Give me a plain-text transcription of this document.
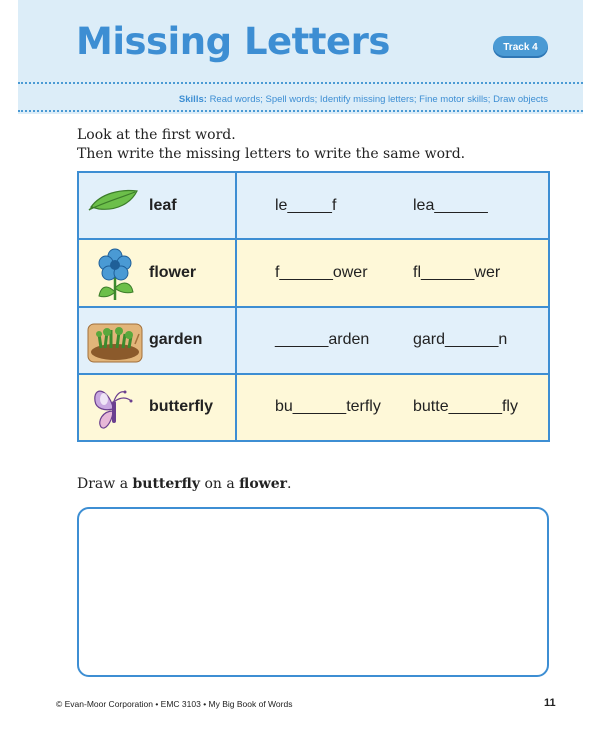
Missing Letters	Track 4
Skills: Read words; Spell words; Identify missing letters; Fine motor skills; Draw objects
Look at the first word.
Then write the missing letters to write the same word.
leaf	le_____f lea______

flower	f______ower fl______wer

garden	______arden gard______n

butterfly	bu______terfly butte______fly
Draw a butterfly on a flower.
© Evan-Moor Corporation • EMC 3103 • My Big Book of Words	11
